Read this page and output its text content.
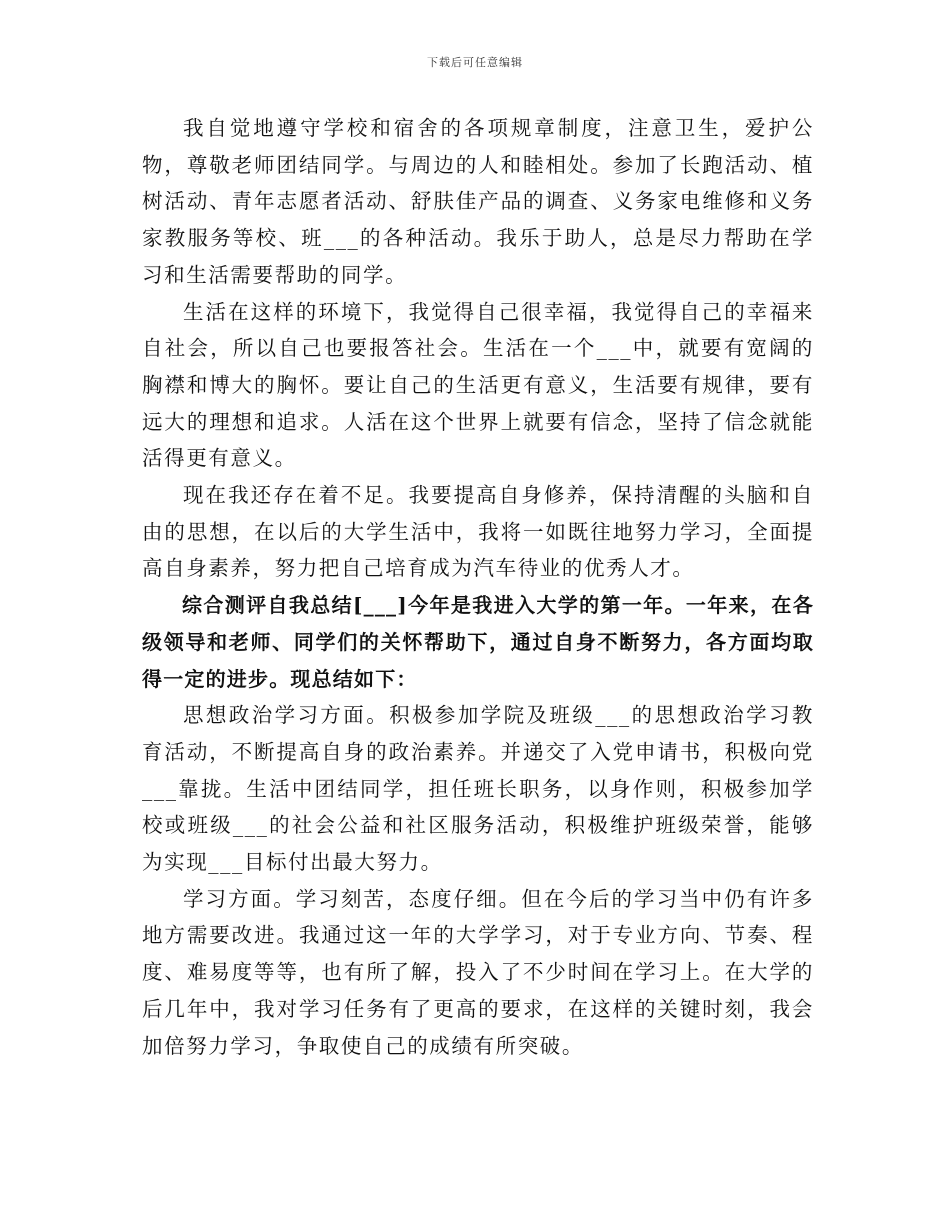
下载后可任意编辑

我自觉地遵守学校和宿舍的各项规章制度，注意卫生，爱护公物，尊敬老师团结同学。与周边的人和睦相处。参加了长跑活动、植树活动、青年志愿者活动、舒肤佳产品的调查、义务家电维修和义务家教服务等校、班___的各种活动。我乐于助人，总是尽力帮助在学习和生活需要帮助的同学。

生活在这样的环境下，我觉得自己很幸福，我觉得自己的幸福来自社会，所以自己也要报答社会。生活在一个___中，就要有宽阔的胸襟和博大的胸怀。要让自己的生活更有意义，生活要有规律，要有远大的理想和追求。人活在这个世界上就要有信念，坚持了信念就能活得更有意义。

现在我还存在着不足。我要提高自身修养，保持清醒的头脑和自由的思想，在以后的大学生活中，我将一如既往地努力学习，全面提高自身素养，努力把自己培育成为汽车待业的优秀人才。

综合测评自我总结[___]今年是我进入大学的第一年。一年来，在各级领导和老师、同学们的关怀帮助下，通过自身不断努力，各方面均取得一定的进步。现总结如下：

思想政治学习方面。积极参加学院及班级___的思想政治学习教育活动，不断提高自身的政治素养。并递交了入党申请书，积极向党___靠拢。生活中团结同学，担任班长职务，以身作则，积极参加学校或班级___的社会公益和社区服务活动，积极维护班级荣誉，能够为实现___目标付出最大努力。

学习方面。学习刻苦，态度仔细。但在今后的学习当中仍有许多地方需要改进。我通过这一年的大学学习，对于专业方向、节奏、程度、难易度等等，也有所了解，投入了不少时间在学习上。在大学的后几年中，我对学习任务有了更高的要求，在这样的关键时刻，我会加倍努力学习，争取使自己的成绩有所突破。
